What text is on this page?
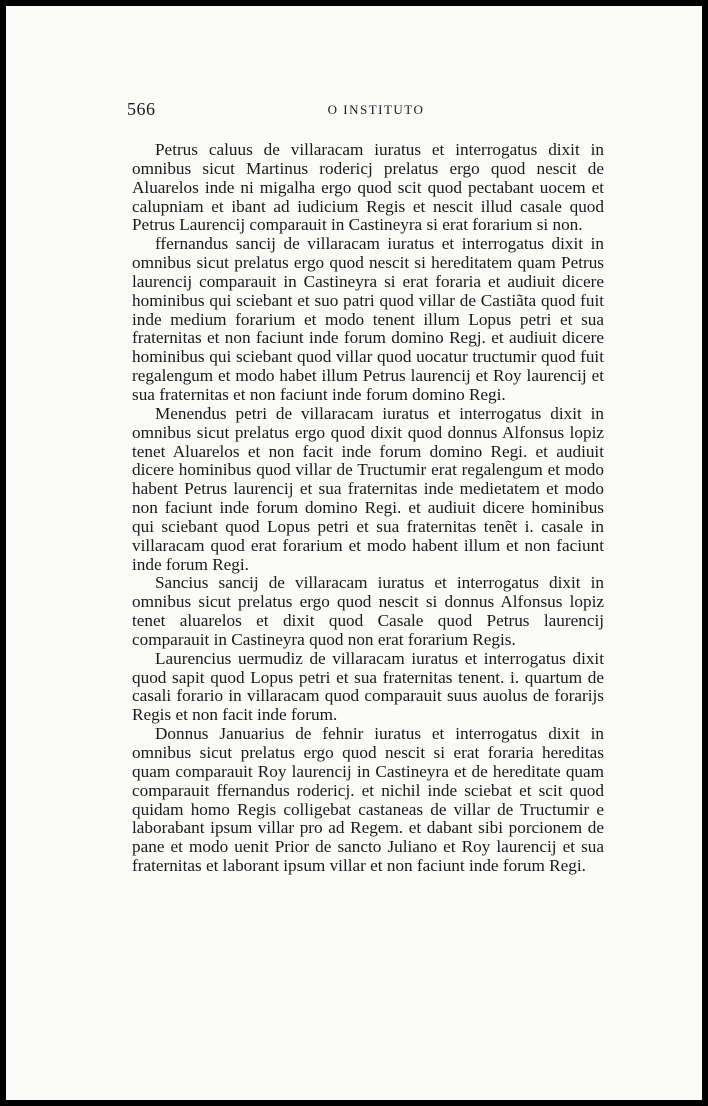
566	O INSTITUTO

Petrus caluus de villaracam iuratus et interrogatus dixit in omnibus sicut Martinus rodericj prelatus ergo quod nescit de Aluarelos inde ni migalha ergo quod scit quod pectabant uocem et calupniam et ibant ad iudicium Regis et nescit illud casale quod Petrus Laurencij comparauit in Castineyra si erat forarium si non.

ffernandus sancij de villaracam iuratus et interrogatus dixit in omnibus sicut prelatus ergo quod nescit si hereditatem quam Petrus laurencij comparauit in Castineyra si erat foraria et audiuit dicere hominibus qui sciebant et suo patri quod villar de Castiãta quod fuit inde medium forarium et modo tenent illum Lopus petri et sua fraternitas et non faciunt inde forum domino Regj. et audiuit dicere hominibus qui sciebant quod villar quod uocatur tructumir quod fuit regalengum et modo habet illum Petrus laurencij et Roy laurencij et sua fraternitas et non faciunt inde forum domino Regi.

Menendus petri de villaracam iuratus et interrogatus dixit in omnibus sicut prelatus ergo quod dixit quod donnus Alfonsus lopiz tenet Aluarelos et non facit inde forum domino Regi. et audiuit dicere hominibus quod villar de Tructumir erat regalengum et modo habent Petrus laurencij et sua fraternitas inde medietatem et modo non faciunt inde forum domino Regi. et audiuit dicere hominibus qui sciebant quod Lopus petri et sua fraternitas tenẽt i. casale in villaracam quod erat forarium et modo habent illum et non faciunt inde forum Regi.

Sancius sancij de villaracam iuratus et interrogatus dixit in omnibus sicut prelatus ergo quod nescit si donnus Alfonsus lopiz tenet aluarelos et dixit quod Casale quod Petrus laurencij comparauit in Castineyra quod non erat forarium Regis.

Laurencius uermudiz de villaracam iuratus et interrogatus dixit quod sapit quod Lopus petri et sua fraternitas tenent. i. quartum de casali forario in villaracam quod comparauit suus auolus de forarijs Regis et non facit inde forum.

Donnus Januarius de fehnir iuratus et interrogatus dixit in omnibus sicut prelatus ergo quod nescit si erat foraria hereditas quam comparauit Roy laurencij in Castineyra et de hereditate quam comparauit ffernandus rodericj. et nichil inde sciebat et scit quod quidam homo Regis colligebat castaneas de villar de Tructumir e laborabant ipsum villar pro ad Regem. et dabant sibi porcionem de pane et modo uenit Prior de sancto Juliano et Roy laurencij et sua fraternitas et laborant ipsum villar et non faciunt inde forum Regi.
